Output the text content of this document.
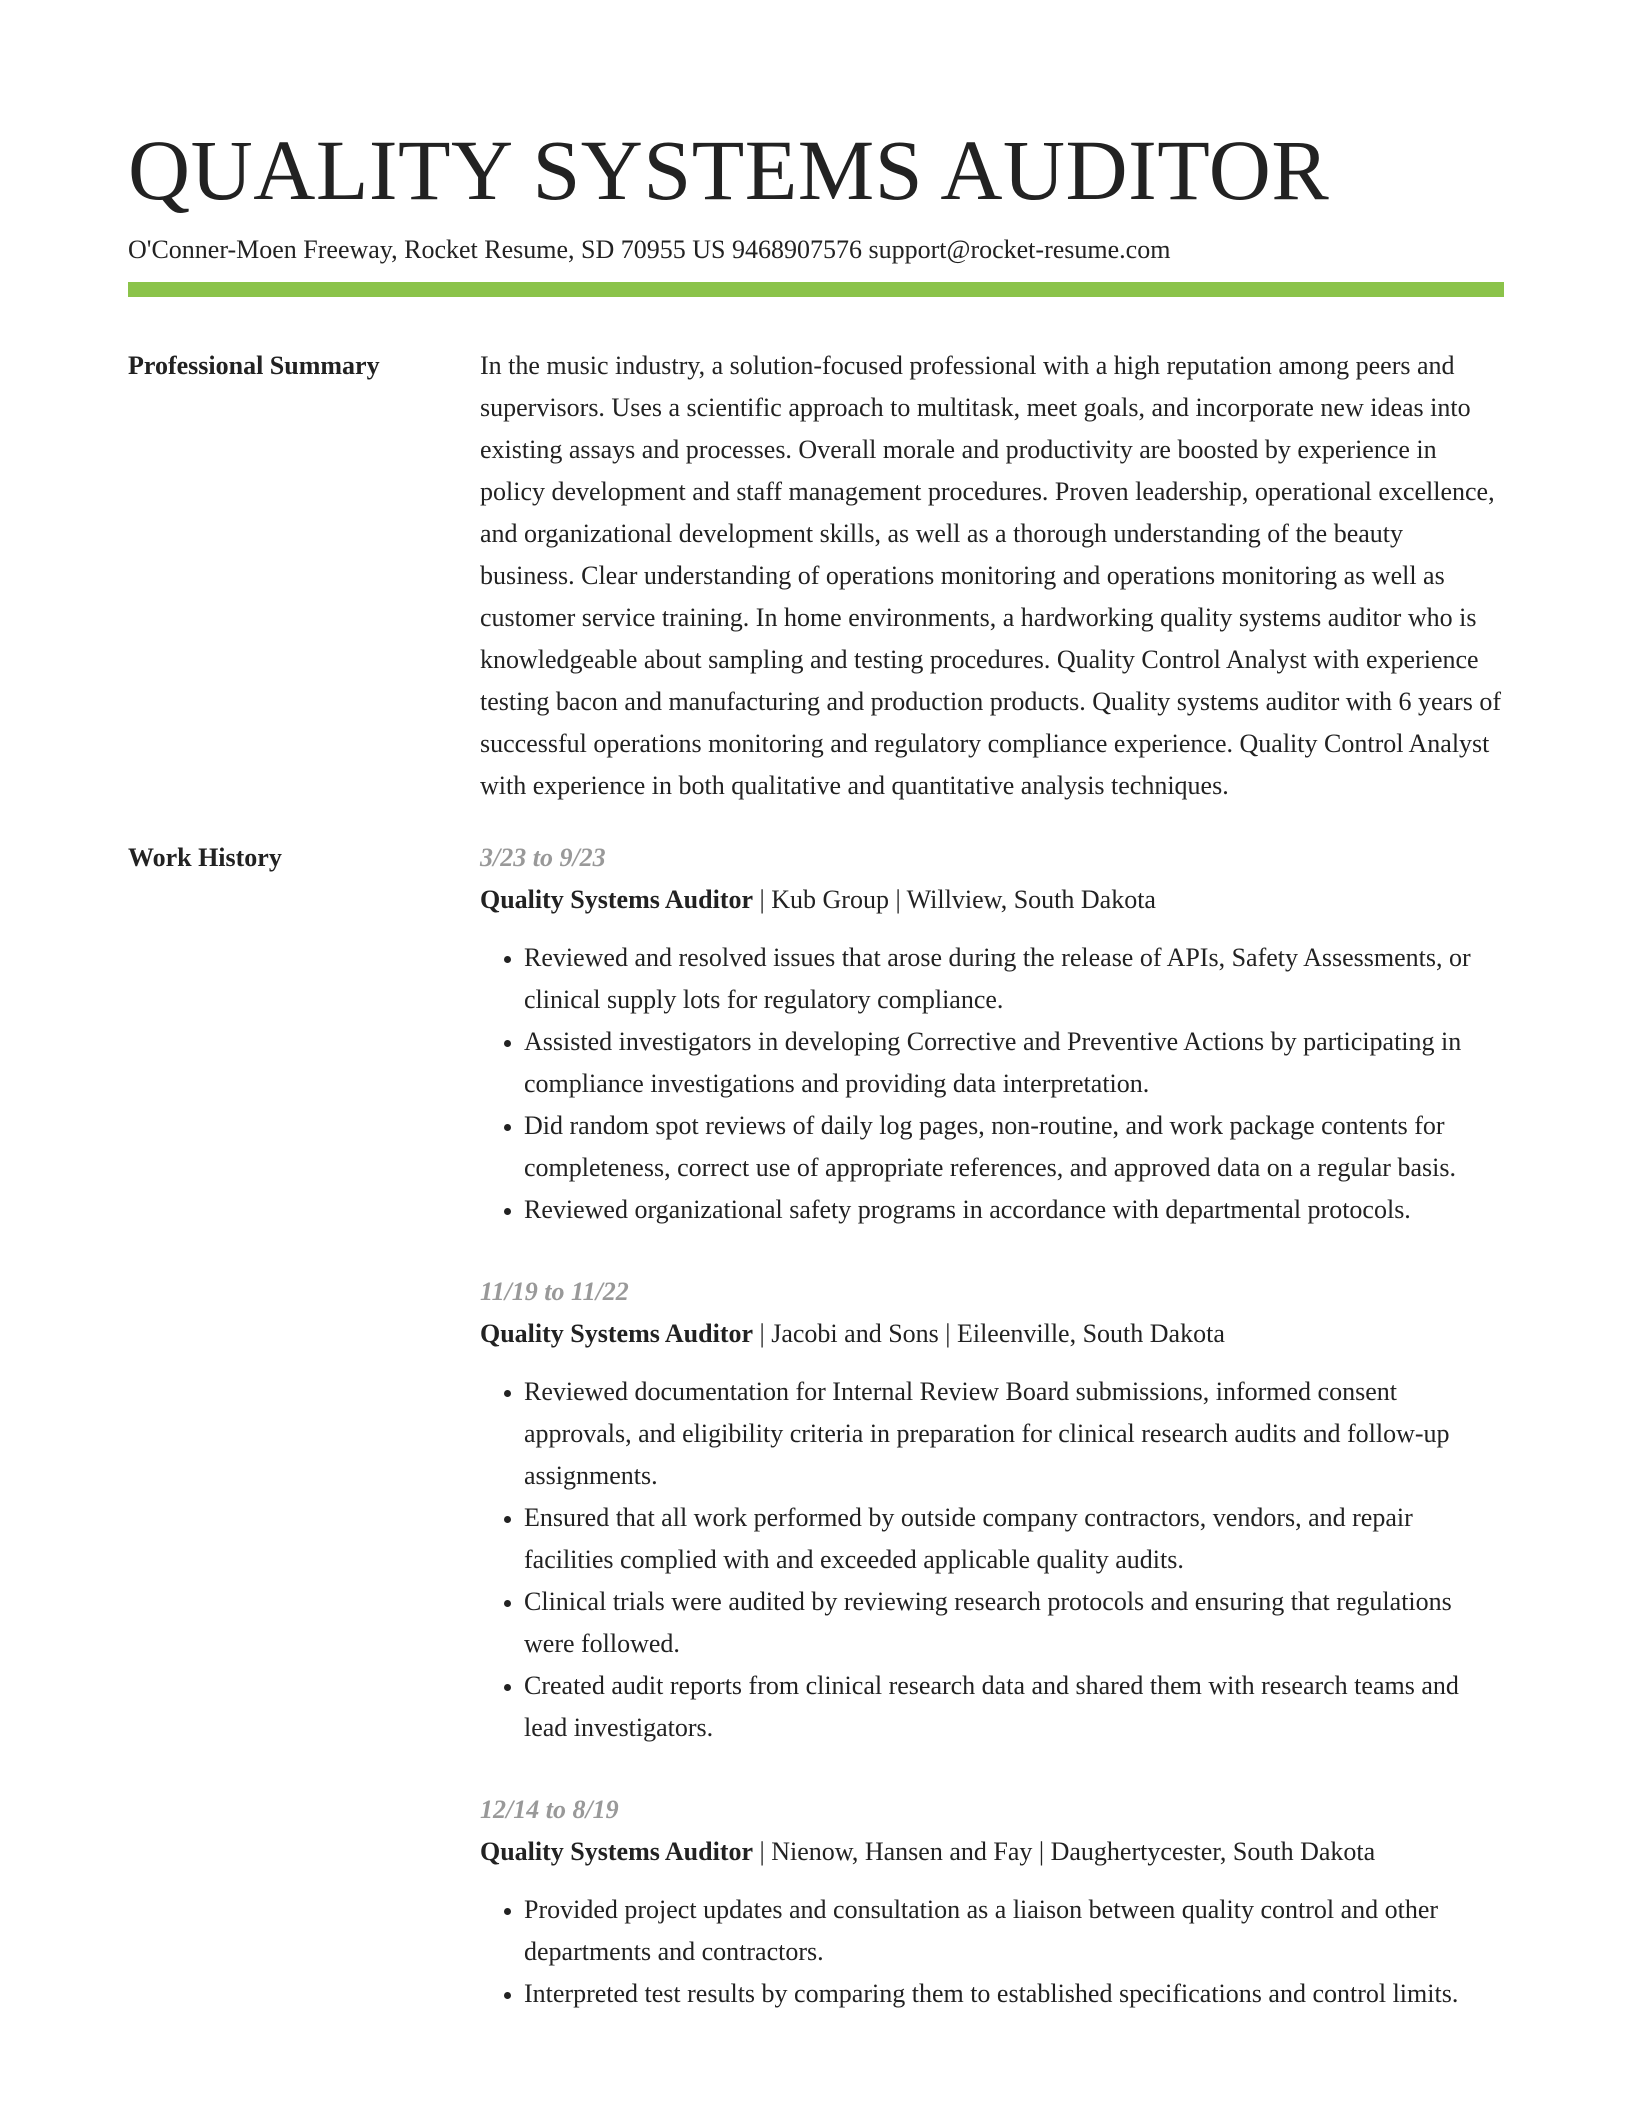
QUALITY SYSTEMS AUDITOR
O'Conner-Moen Freeway, Rocket Resume, SD 70955 US 9468907576 support@rocket-resume.com
Professional Summary	In the music industry, a solution-focused professional with a high reputation among peers and supervisors. Uses a scientific approach to multitask, meet goals, and incorporate new ideas into existing assays and processes. Overall morale and productivity are boosted by experience in policy development and staff management procedures. Proven leadership, operational excellence, and organizational development skills, as well as a thorough understanding of the beauty business. Clear understanding of operations monitoring and operations monitoring as well as customer service training. In home environments, a hardworking quality systems auditor who is knowledgeable about sampling and testing procedures. Quality Control Analyst with experience testing bacon and manufacturing and production products. Quality systems auditor with 6 years of successful operations monitoring and regulatory compliance experience. Quality Control Analyst with experience in both qualitative and quantitative analysis techniques.

Work History	3/23 to 9/23
Quality Systems Auditor | Kub Group | Willview, South Dakota
• Reviewed and resolved issues that arose during the release of APIs, Safety Assessments, or clinical supply lots for regulatory compliance.
• Assisted investigators in developing Corrective and Preventive Actions by participating in compliance investigations and providing data interpretation.
• Did random spot reviews of daily log pages, non-routine, and work package contents for completeness, correct use of appropriate references, and approved data on a regular basis.
• Reviewed organizational safety programs in accordance with departmental protocols.
11/19 to 11/22
Quality Systems Auditor | Jacobi and Sons | Eileenville, South Dakota
• Reviewed documentation for Internal Review Board submissions, informed consent approvals, and eligibility criteria in preparation for clinical research audits and follow-up assignments.
• Ensured that all work performed by outside company contractors, vendors, and repair facilities complied with and exceeded applicable quality audits.
• Clinical trials were audited by reviewing research protocols and ensuring that regulations were followed.
• Created audit reports from clinical research data and shared them with research teams and lead investigators.
12/14 to 8/19
Quality Systems Auditor | Nienow, Hansen and Fay | Daughertycester, South Dakota
• Provided project updates and consultation as a liaison between quality control and other departments and contractors.
• Interpreted test results by comparing them to established specifications and control limits.
